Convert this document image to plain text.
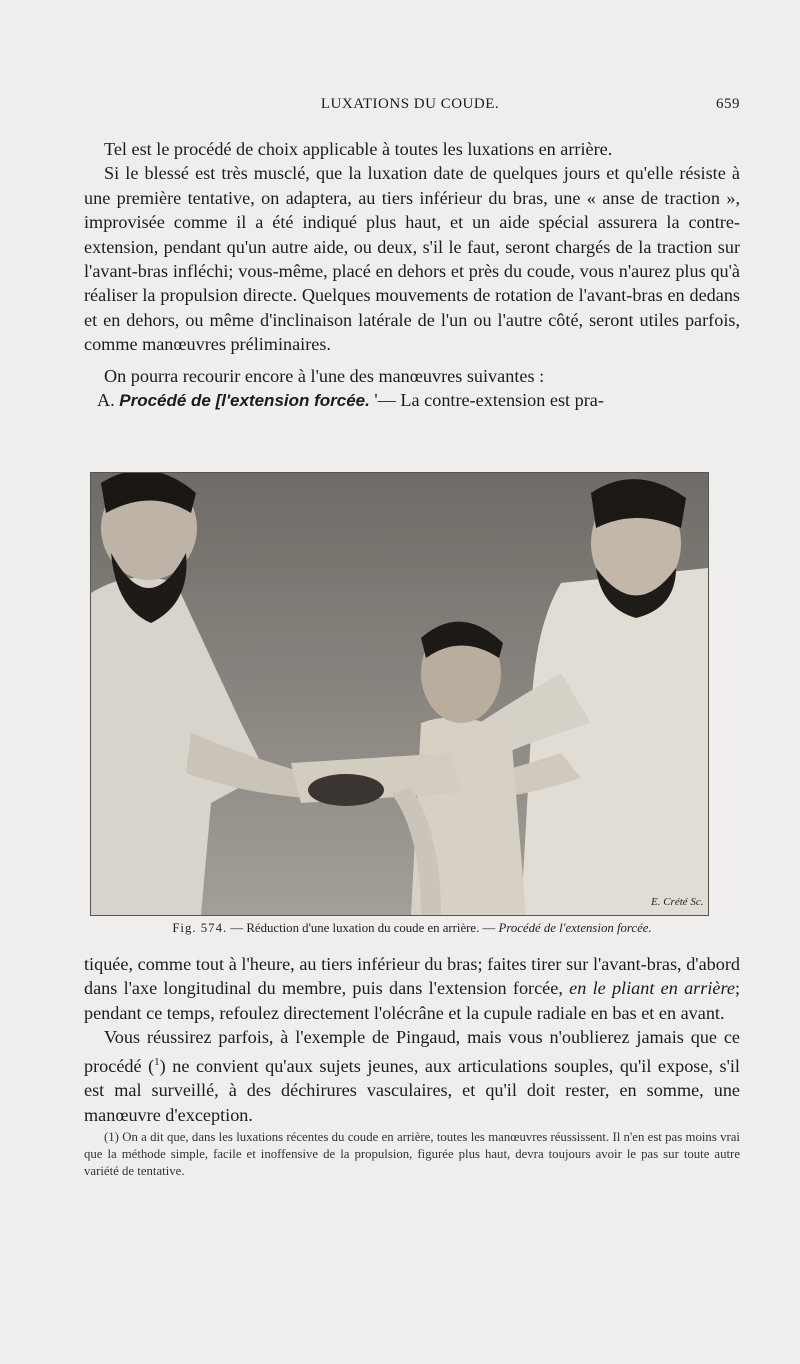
LUXATIONS DU COUDE.	659

Tel est le procédé de choix applicable à toutes les luxations en arrière.

Si le blessé est très musclé, que la luxation date de quelques jours et qu'elle résiste à une première tentative, on adaptera, au tiers inférieur du bras, une « anse de traction », improvisée comme il a été indiqué plus haut, et un aide spécial assurera la contre-extension, pendant qu'un autre aide, ou deux, s'il le faut, seront chargés de la traction sur l'avant-bras infléchi; vous-même, placé en dehors et près du coude, vous n'aurez plus qu'à réaliser la propulsion directe. Quelques mouvements de rotation de l'avant-bras en dedans et en dehors, ou même d'inclinaison latérale de l'un ou l'autre côté, seront utiles parfois, comme manœuvres préliminaires.

On pourra recourir encore à l'une des manœuvres suivantes :

A. Procédé de [l'extension forcée. '— La contre-extension est pra-

E. Crété Sc.
Fig. 574. — Réduction d'une luxation du coude en arrière. — Procédé de l'extension forcée.

tiquée, comme tout à l'heure, au tiers inférieur du bras; faites tirer sur l'avant-bras, d'abord dans l'axe longitudinal du membre, puis dans l'extension forcée, en le pliant en arrière; pendant ce temps, refoulez directement l'olécrâne et la cupule radiale en bas et en avant.

Vous réussirez parfois, à l'exemple de Pingaud, mais vous n'oublierez jamais que ce procédé ($^1$) ne convient qu'aux sujets jeunes, aux articulations souples, qu'il expose, s'il est mal surveillé, à des déchirures vasculaires, et qu'il doit rester, en somme, une manœuvre d'exception.

(1) On a dit que, dans les luxations récentes du coude en arrière, toutes les manœuvres réussissent. Il n'en est pas moins vrai que la méthode simple, facile et inoffensive de la propulsion, figurée plus haut, devra toujours avoir le pas sur toute autre variété de tentative.
